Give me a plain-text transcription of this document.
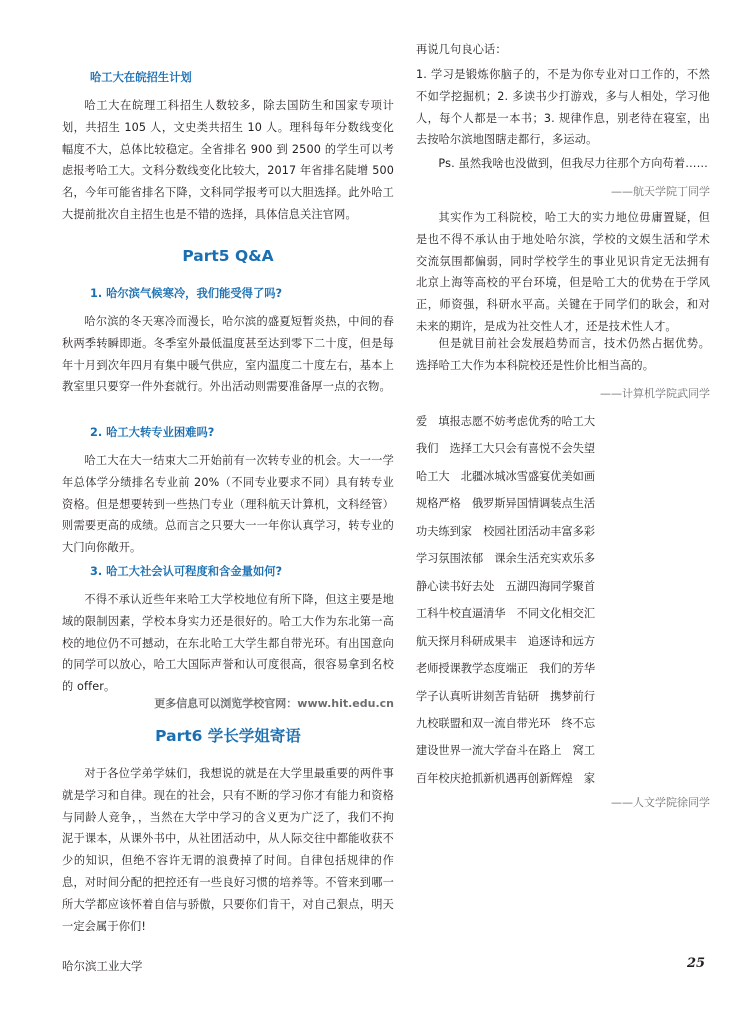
哈工大在皖招生计划

哈工大在皖理工科招生人数较多，除去国防生和国家专项计划，共招生 105 人，文史类共招生 10 人。理科每年分数线变化幅度不大，总体比较稳定。全省排名 900 到 2500 的学生可以考虑报考哈工大。文科分数线变化比较大，2017 年省排名陡增 500 名，今年可能省排名下降，文科同学报考可以大胆选择。此外哈工大提前批次自主招生也是不错的选择，具体信息关注官网。

Part5 Q&A
1. 哈尔滨气候寒冷，我们能受得了吗?

哈尔滨的冬天寒冷而漫长，哈尔滨的盛夏短暂炎热，中间的春秋两季转瞬即逝。冬季室外最低温度甚至达到零下二十度，但是每年十月到次年四月有集中暖气供应，室内温度二十度左右，基本上教室里只要穿一件外套就行。外出活动则需要准备厚一点的衣物。

2. 哈工大转专业困难吗?

哈工大在大一结束大二开始前有一次转专业的机会。大一一学年总体学分绩排名专业前 20%（不同专业要求不同）具有转专业资格。但是想要转到一些热门专业（理科航天计算机，文科经管）则需要更高的成绩。总而言之只要大一一年你认真学习，转专业的大门向你敞开。

3. 哈工大社会认可程度和含金量如何?

不得不承认近些年来哈工大学校地位有所下降，但这主要是地域的限制因素，学校本身实力还是很好的。哈工大作为东北第一高校的地位仍不可撼动，在东北哈工大学生都自带光环。有出国意向的同学可以放心，哈工大国际声誉和认可度很高，很容易拿到名校的 offer。

更多信息可以浏览学校官网：www.hit.edu.cn
Part6 学长学姐寄语

对于各位学弟学妹们，我想说的就是在大学里最重要的两件事就是学习和自律。现在的社会，只有不断的学习你才有能力和资格与同龄人竞争，，当然在大学中学习的含义更为广泛了，我们不拘泥于课本，从课外书中，从社团活动中，从人际交往中都能收获不少的知识，但绝不容许无谓的浪费掉了时间。自律包括规律的作息，对时间分配的把控还有一些良好习惯的培养等。不管来到哪一所大学都应该怀着自信与骄傲，只要你们肯干，对自己狠点，明天一定会属于你们!

再说几句良心话：

1. 学习是锻炼你脑子的，不是为你专业对口工作的，不然不如学挖掘机；2. 多读书少打游戏，多与人相处，学习他人，每个人都是一本书；3. 规律作息，别老待在寝室，出去按哈尔滨地图瞎走都行，多运动。

Ps. 虽然我啥也没做到，但我尽力往那个方向苟着……

——航天学院丁同学

其实作为工科院校，哈工大的实力地位毋庸置疑，但是也不得不承认由于地处哈尔滨，学校的文娱生活和学术交流氛围都偏弱，同时学校学生的事业见识肯定无法拥有北京上海等高校的平台环境，但是哈工大的优势在于学风正，师资强，科研水平高。关键在于同学们的耿会，和对未来的期许，是成为社交性人才，还是技术性人才。

但是就目前社会发展趋势而言，技术仍然占据优势。选择哈工大作为本科院校还是性价比相当高的。

——计算机学院武同学
爱　填报志愿不妨考虑优秀的哈工大
我们　选择工大只会有喜悦不会失望
哈工大　北疆冰城冰雪盛宴优美如画
规格严格　俄罗斯异国情调装点生活
功夫练到家　校园社团活动丰富多彩
学习氛围浓郁　课余生活充实欢乐多
静心读书好去处　五湖四海同学聚首
工科牛校直逼清华　不同文化相交汇
航天探月科研成果丰　追逐诗和远方
老师授课教学态度端正　我们的芳华
学子认真听讲刻苦肯钻研　携梦前行
九校联盟和双一流自带光环　终不忘
建设世界一流大学奋斗在路上　窝工
百年校庆抢抓新机遇再创新辉煌　家
——人文学院徐同学
哈尔滨工业大学	25
